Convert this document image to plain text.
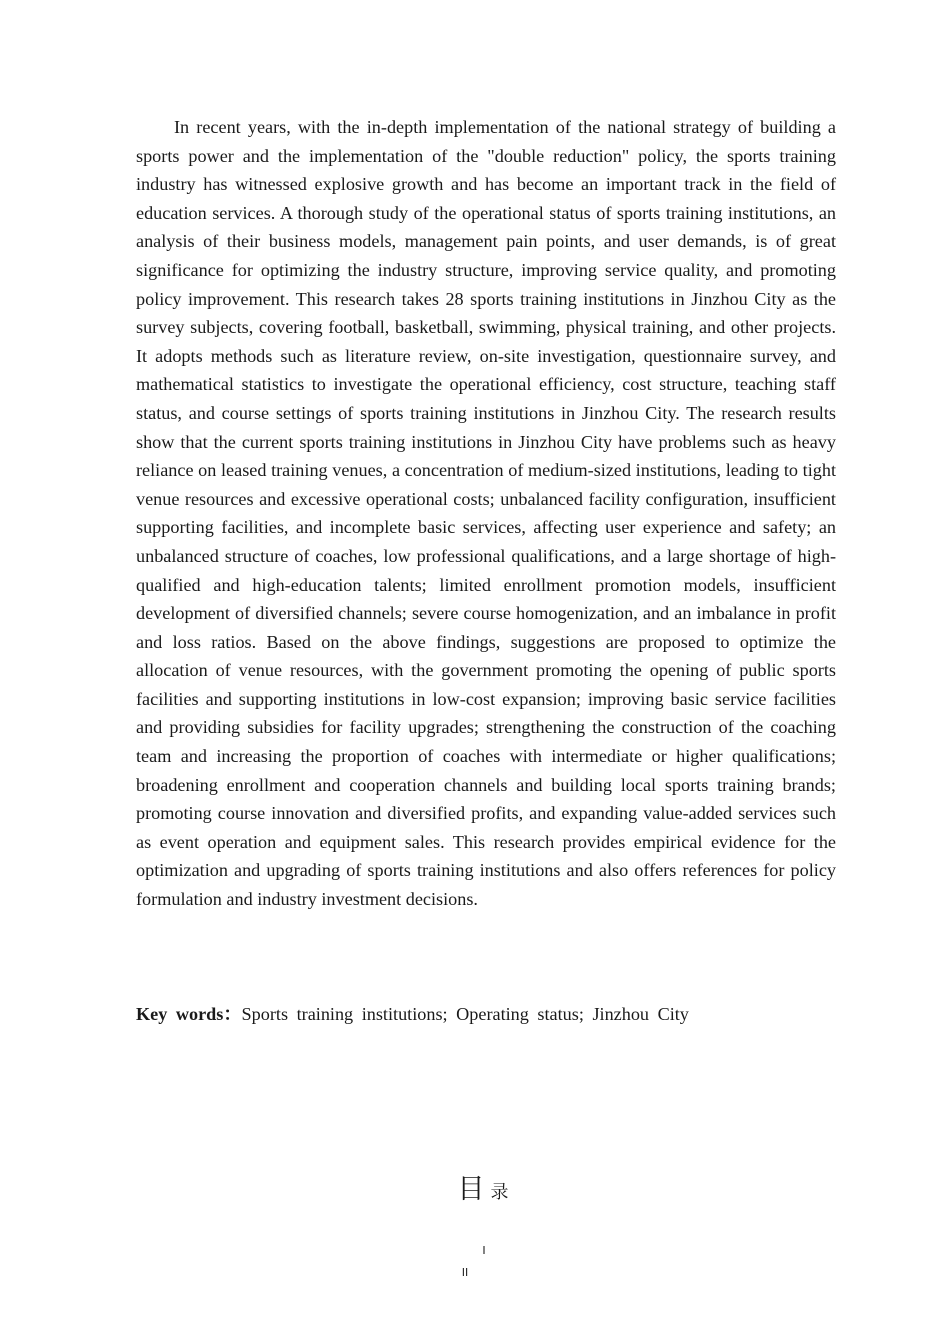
In recent years, with the in-depth implementation of the national strategy of building a sports power and the implementation of the "double reduction" policy, the sports training industry has witnessed explosive growth and has become an important track in the field of education services. A thorough study of the operational status of sports training institutions, an analysis of their business models, management pain points, and user demands, is of great significance for optimizing the industry structure, improving service quality, and promoting policy improvement. This research takes 28 sports training institutions in Jinzhou City as the survey subjects, covering football, basketball, swimming, physical training, and other projects. It adopts methods such as literature review, on-site investigation, questionnaire survey, and mathematical statistics to investigate the operational efficiency, cost structure, teaching staff status, and course settings of sports training institutions in Jinzhou City. The research results show that the current sports training institutions in Jinzhou City have problems such as heavy reliance on leased training venues, a concentration of medium-sized institutions, leading to tight venue resources and excessive operational costs; unbalanced facility configuration, insufficient supporting facilities, and incomplete basic services, affecting user experience and safety; an unbalanced structure of coaches, low professional qualifications, and a large shortage of high-qualified and high-education talents; limited enrollment promotion models, insufficient development of diversified channels; severe course homogenization, and an imbalance in profit and loss ratios. Based on the above findings, suggestions are proposed to optimize the allocation of venue resources, with the government promoting the opening of public sports facilities and supporting institutions in low-cost expansion; improving basic service facilities and providing subsidies for facility upgrades; strengthening the construction of the coaching team and increasing the proportion of coaches with intermediate or higher qualifications; broadening enrollment and cooperation channels and building local sports training brands; promoting course innovation and diversified profits, and expanding value-added services such as event operation and equipment sales. This research provides empirical evidence for the optimization and upgrading of sports training institutions and also offers references for policy formulation and industry investment decisions.

Key words：Sports training institutions; Operating status; Jinzhou City

目录
I
II
